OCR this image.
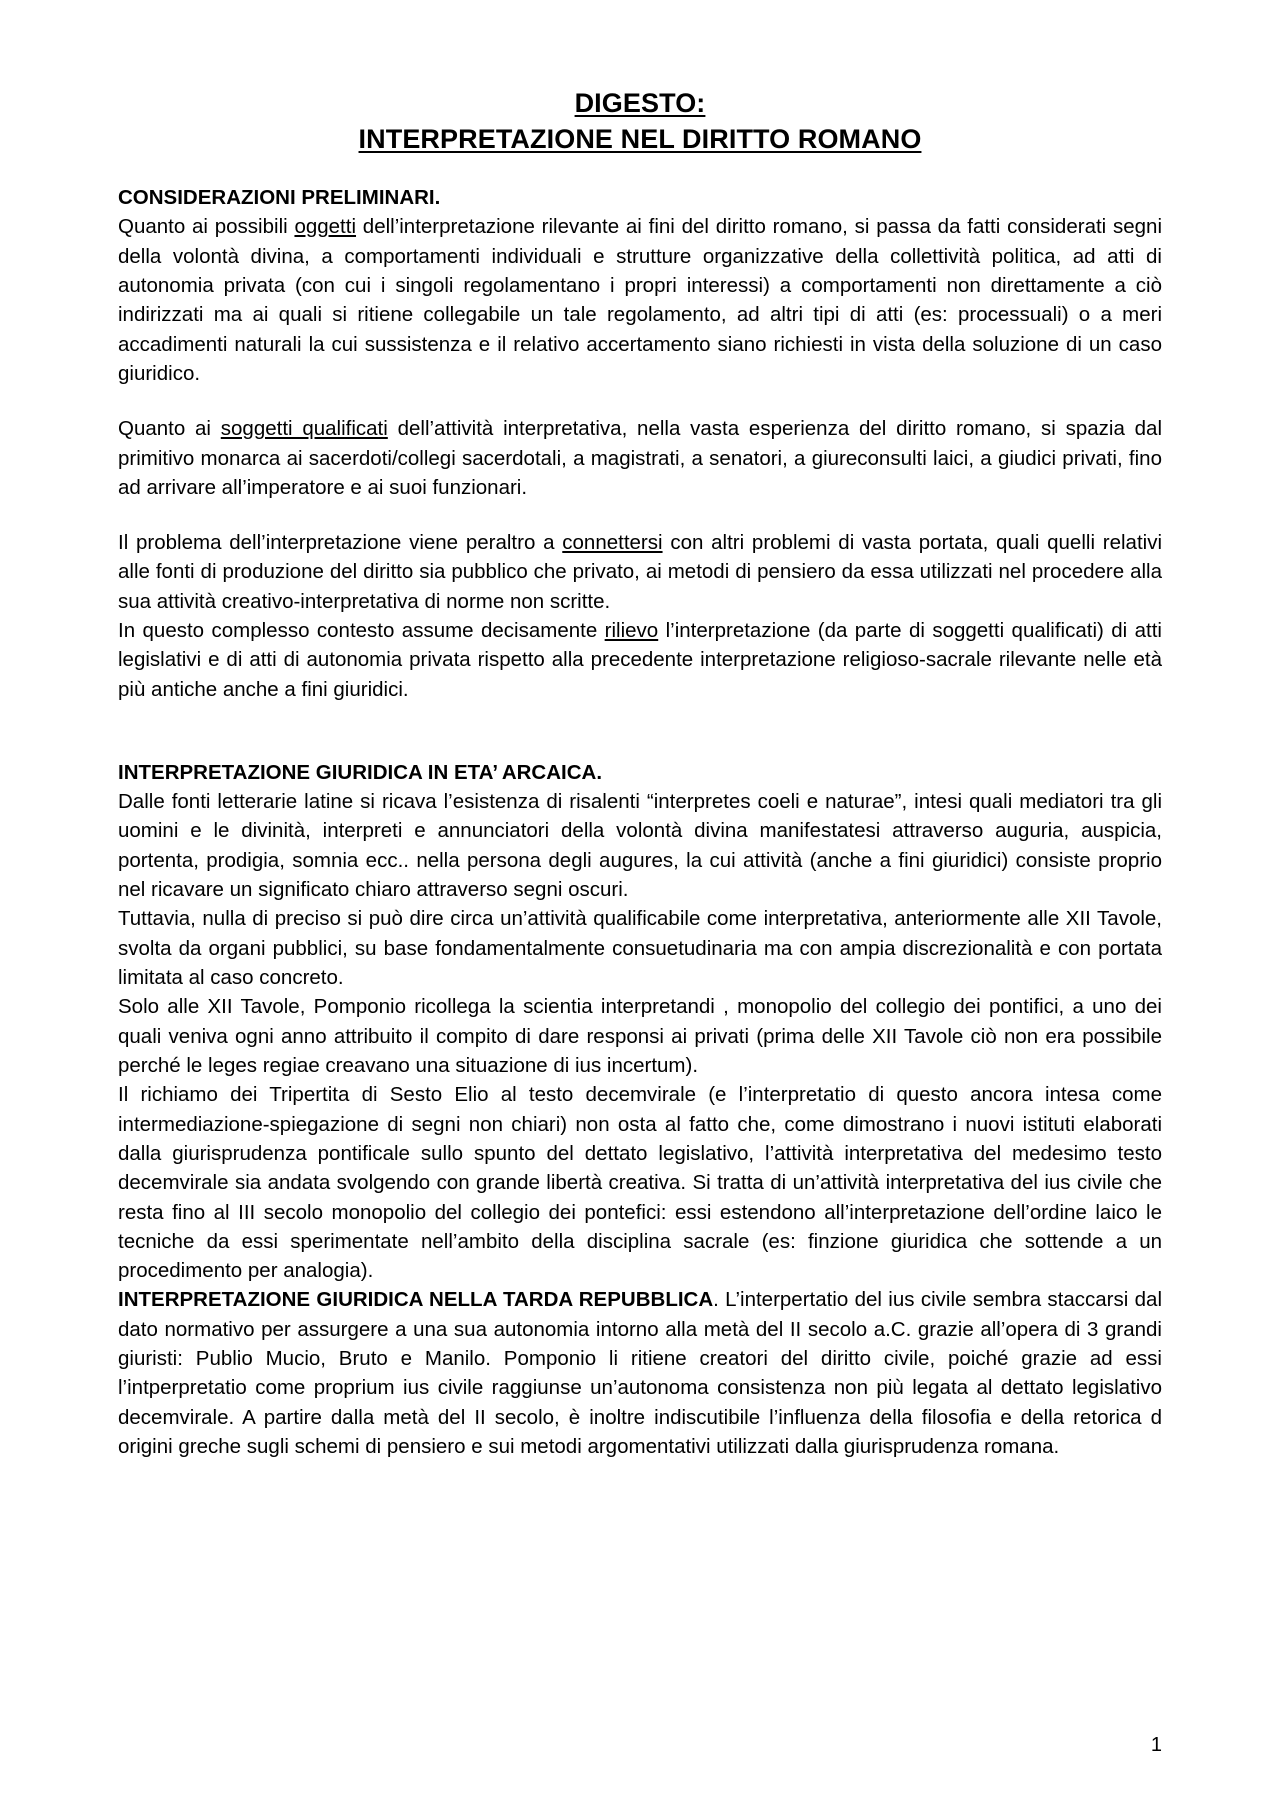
DIGESTO:
INTERPRETAZIONE NEL DIRITTO ROMANO
CONSIDERAZIONI PRELIMINARI.

Quanto ai possibili oggetti dell’interpretazione rilevante ai fini del diritto romano, si passa da fatti considerati segni della volontà divina, a comportamenti individuali e strutture organizzative della collettività politica, ad atti di autonomia privata (con cui i singoli regolamentano i propri interessi) a comportamenti non direttamente a ciò indirizzati ma ai quali si ritiene collegabile un tale regolamento, ad altri tipi di atti (es: processuali) o a meri accadimenti naturali la cui sussistenza e il relativo accertamento siano richiesti in vista della soluzione di un caso giuridico.

Quanto ai soggetti qualificati dell’attività interpretativa, nella vasta esperienza del diritto romano, si spazia dal primitivo monarca ai sacerdoti/collegi sacerdotali, a magistrati, a senatori, a giureconsulti laici, a giudici privati, fino ad arrivare all’imperatore e ai suoi funzionari.

Il problema dell’interpretazione viene peraltro a connettersi con altri problemi di vasta portata, quali quelli relativi alle fonti di produzione del diritto sia pubblico che privato, ai metodi di pensiero da essa utilizzati nel procedere alla sua attività creativo-interpretativa di norme non scritte.

In questo complesso contesto assume decisamente rilievo l’interpretazione (da parte di soggetti qualificati) di atti legislativi e di atti di autonomia privata rispetto alla precedente interpretazione religioso-sacrale rilevante nelle età più antiche anche a fini giuridici.

INTERPRETAZIONE GIURIDICA IN ETA’ ARCAICA.

Dalle fonti letterarie latine si ricava l’esistenza di risalenti “interpretes coeli e naturae”, intesi quali mediatori tra gli uomini e le divinità, interpreti e annunciatori della volontà divina manifestatesi attraverso auguria, auspicia, portenta, prodigia, somnia ecc.. nella persona degli augures, la cui attività (anche a fini giuridici) consiste proprio nel ricavare un significato chiaro attraverso segni oscuri.

Tuttavia, nulla di preciso si può dire circa un’attività qualificabile come interpretativa, anteriormente alle XII Tavole, svolta da organi pubblici, su base fondamentalmente consuetudinaria ma con ampia discrezionalità e con portata limitata al caso concreto.

Solo alle XII Tavole, Pomponio ricollega la scientia interpretandi , monopolio del collegio dei pontifici, a uno dei quali veniva ogni anno attribuito il compito di dare responsi ai privati (prima delle XII Tavole ciò non era possibile perché le leges regiae creavano una situazione di ius incertum).

Il richiamo dei Tripertita di Sesto Elio al testo decemvirale (e l’interpretatio di questo ancora intesa come intermediazione-spiegazione di segni non chiari) non osta al fatto che, come dimostrano i nuovi istituti elaborati dalla giurisprudenza pontificale sullo spunto del dettato legislativo, l’attività interpretativa del medesimo testo decemvirale sia andata svolgendo con grande libertà creativa. Si tratta di un’attività interpretativa del ius civile che resta fino al III secolo monopolio del collegio dei pontefici: essi estendono all’interpretazione dell’ordine laico le tecniche da essi sperimentate nell’ambito della disciplina sacrale (es: finzione giuridica che sottende a un procedimento per analogia).

INTERPRETAZIONE GIURIDICA NELLA TARDA REPUBBLICA. L’interpertatio del ius civile sembra staccarsi dal dato normativo per assurgere a una sua autonomia intorno alla metà del II secolo a.C. grazie all’opera di 3 grandi giuristi: Publio Mucio, Bruto e Manilo. Pomponio li ritiene creatori del diritto civile, poiché grazie ad essi l’intperpretatio come proprium ius civile raggiunse un’autonoma consistenza non più legata al dettato legislativo decemvirale. A partire dalla metà del II secolo, è inoltre indiscutibile l’influenza della filosofia e della retorica d origini greche sugli schemi di pensiero e sui metodi argomentativi utilizzati dalla giurisprudenza romana.

1
